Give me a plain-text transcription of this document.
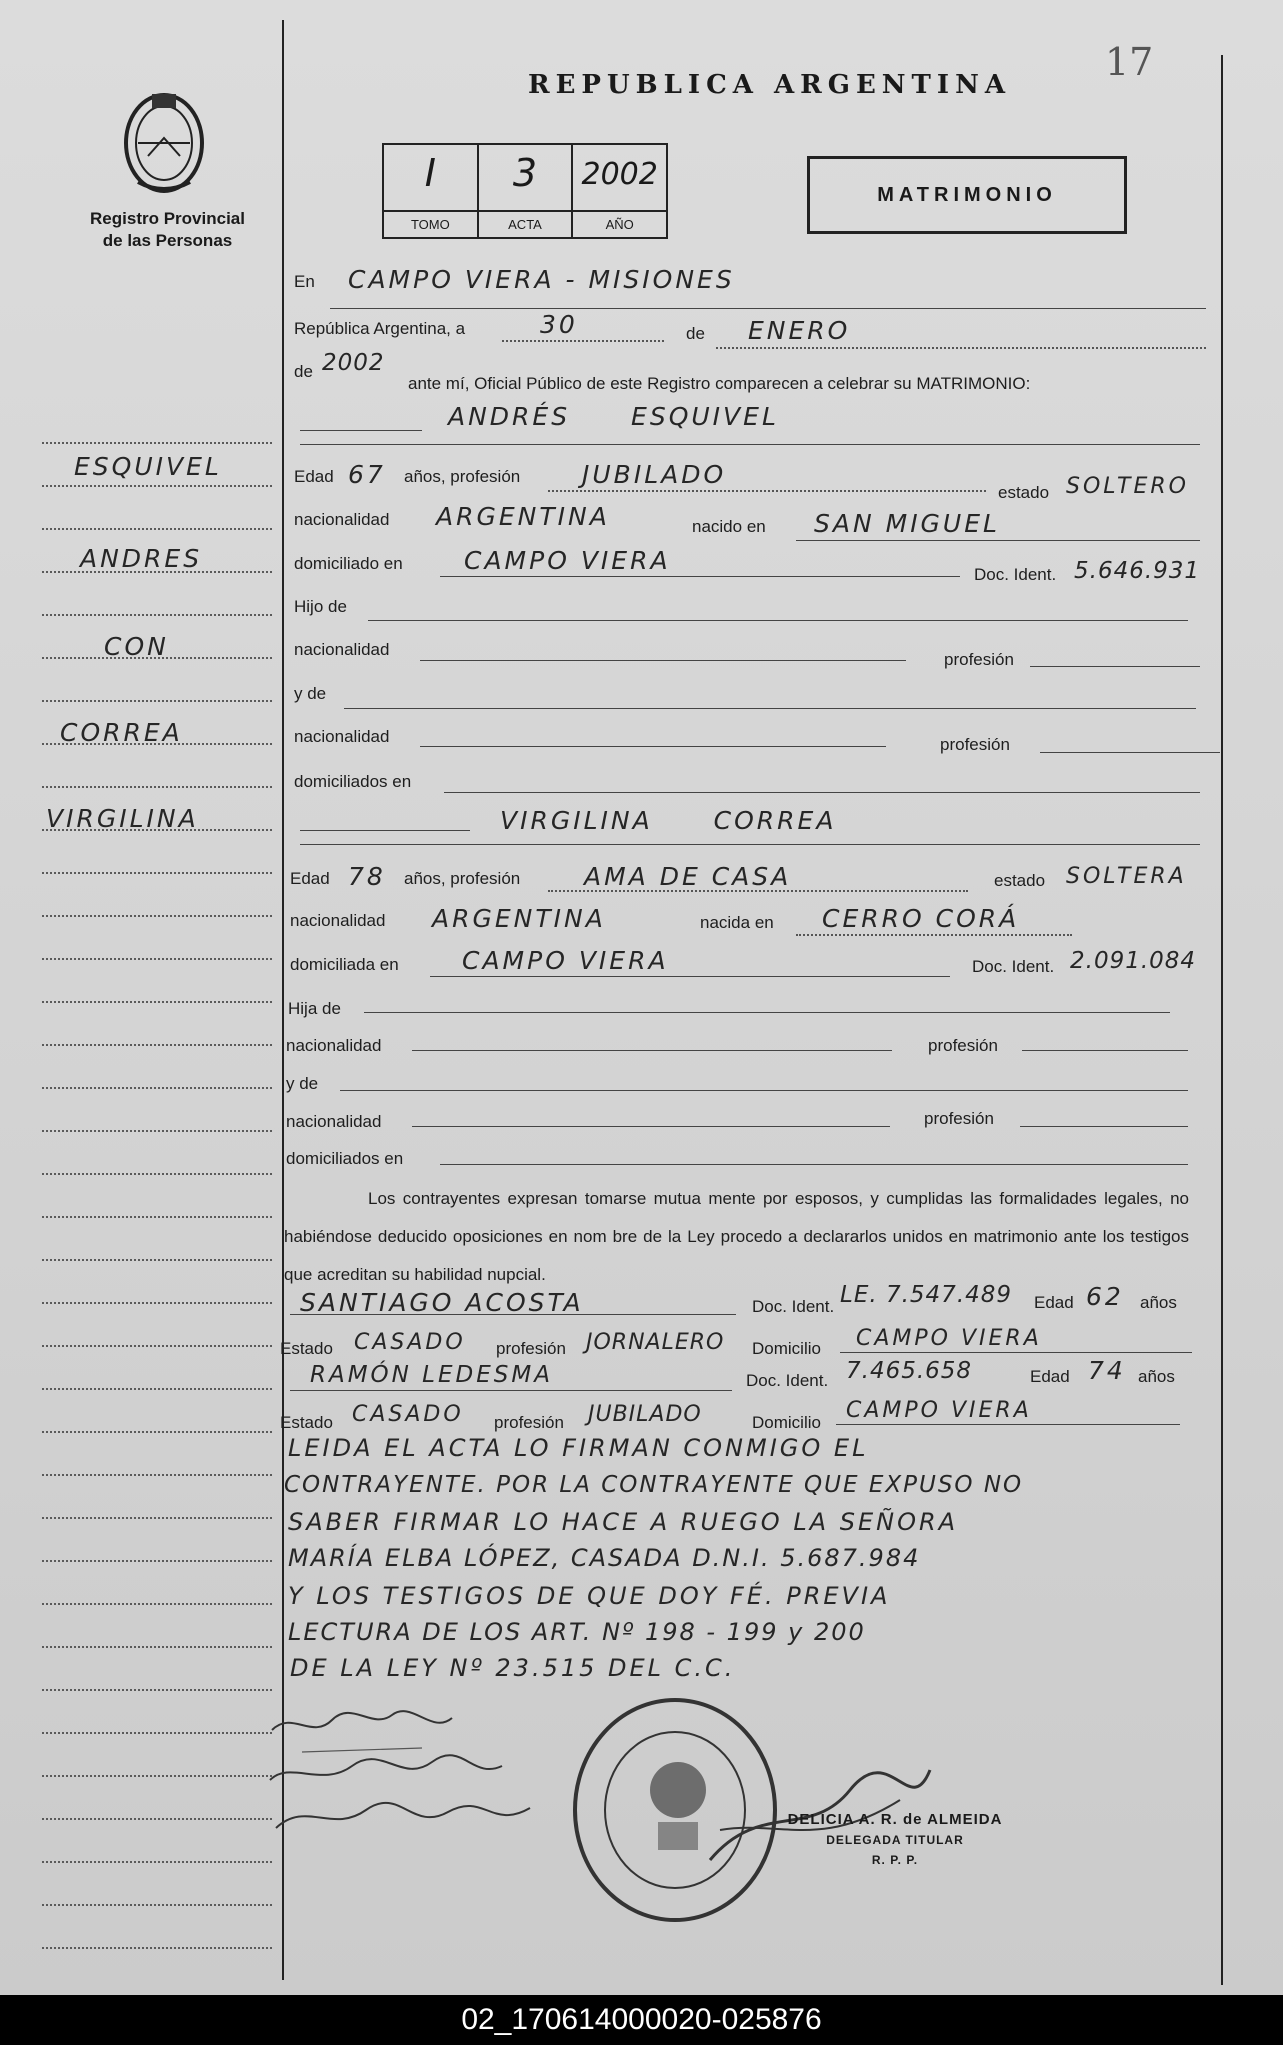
Registro Provincial
de las Personas
REPUBLICA ARGENTINA
17
I
TOMO
3
ACTA
2002
AÑO
MATRIMONIO
En CAMPO VIERA - MISIONES
República Argentina, a	30	de ENERO
de 2002
ante mí, Oficial Público de este Registro comparecen a celebrar su MATRIMONIO:
ANDRÉS ESQUIVEL
Edad 67 años, profesión JUBILADO
estado SOLTERO
nacionalidad ARGENTINA	nacido en SAN MIGUEL
domiciliado en CAMPO VIERA	Doc. Ident. 5.646.931
Hijo de
nacionalidad
profesión
y de
nacionalidad	profesión
domiciliados en
VIRGILINA CORREA
Edad 78 años, profesión	AMA DE CASA	estado SOLTERA
nacionalidad ARGENTINA	nacida en CERRO CORÁ
domiciliada en	CAMPO VIERA	Doc. Ident. 2.091.084
Hija de
nacionalidad	profesión
y de
nacionalidad	profesión
domiciliados en
Los contrayentes expresan tomarse mutua mente por esposos, y cumplidas las formalidades legales, no habiéndose deducido oposiciones en nom bre de la Ley procedo a declararlos unidos en matrimonio ante los testigos que acreditan su habilidad nupcial.
SANTIAGO ACOSTA	Doc. Ident. LE. 7.547.489 Edad 62 años
Estado CASADO profesión JORNALERO Domicilio CAMPO VIERA
RAMÓN LEDESMA	Doc. Ident. 7.465.658	Edad 74 años
Estado CASADO profesión JUBILADO	Domicilio CAMPO VIERA
LEIDA EL ACTA LO FIRMAN CONMIGO EL
CONTRAYENTE. POR LA CONTRAYENTE QUE EXPUSO NO
SABER FIRMAR LO HACE A RUEGO LA SEÑORA
MARÍA ELBA LÓPEZ, CASADA D.N.I. 5.687.984
Y LOS TESTIGOS DE QUE DOY FÉ. PREVIA
LECTURA DE LOS ART. Nº 198 - 199 y 200
DE LA LEY Nº 23.515 DEL C.C.
DELICIA A. R. de ALMEIDA
DELEGADA TITULAR
R. P. P.
ESQUIVEL
ANDRES
CON
CORREA
VIRGILINA
02_170614000020-025876
